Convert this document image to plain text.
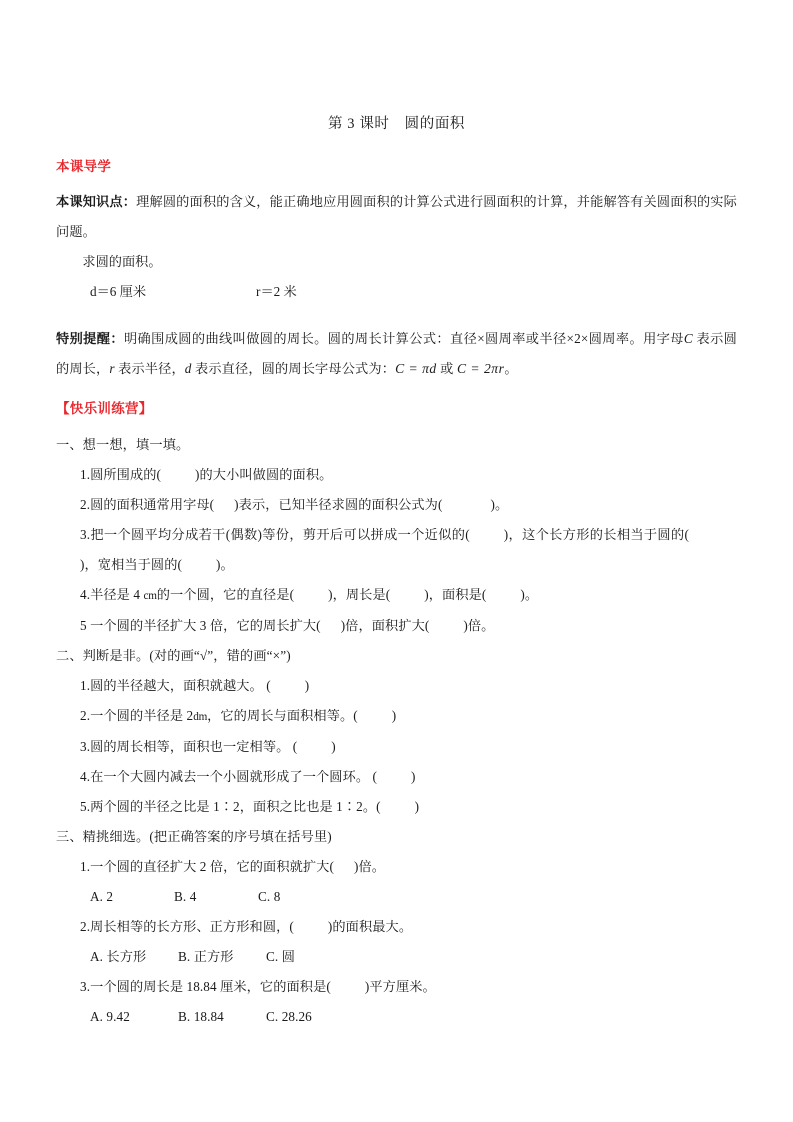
第 3 课时　圆的面积
本课导学

本课知识点：理解圆的面积的含义，能正确地应用圆面积的计算公式进行圆面积的计算，并能解答有关圆面积的实际问题。

求圆的面积。

d＝6 厘米	r＝2 米

特别提醒：明确围成圆的曲线叫做圆的周长。圆的周长计算公式：直径×圆周率或半径×2×圆周率。用字母C 表示圆的周长，r 表示半径，d 表示直径，圆的周长字母公式为：C = πd 或 C = 2πr。

【快乐训练营】

一、想一想，填一填。

1.圆所围成的(	)的大小叫做圆的面积。

2.圆的面积通常用字母( )表示，已知半径求圆的面积公式为(	)。

3.把一个圆平均分成若干(偶数)等份，剪开后可以拼成一个近似的(	)，这个长方形的长相当于圆的()，宽相当于圆的(	)。

4.半径是 4 cm的一个圆，它的直径是(	)，周长是(	)，面积是(	)。

5 一个圆的半径扩大 3 倍，它的周长扩大( )倍，面积扩大(	)倍。

二、判断是非。(对的画“√”，错的画“×”)

1.圆的半径越大，面积就越大。 (	)

2.一个圆的半径是 2dm，它的周长与面积相等。(	)

3.圆的周长相等，面积也一定相等。 (	)

4.在一个大圆内减去一个小圆就形成了一个圆环。 (	)

5.两个圆的半径之比是 1∶2，面积之比也是 1∶2。(	)

三、精挑细选。(把正确答案的序号填在括号里)

1.一个圆的直径扩大 2 倍，它的面积就扩大( )倍。

A. 2	B. 4	C. 8

2.周长相等的长方形、正方形和圆，(	)的面积最大。

A. 长方形 B. 正方形 C. 圆

3.一个圆的周长是 18.84 厘米，它的面积是(	)平方厘米。

A. 9.42	B. 18.84	C. 28.26
